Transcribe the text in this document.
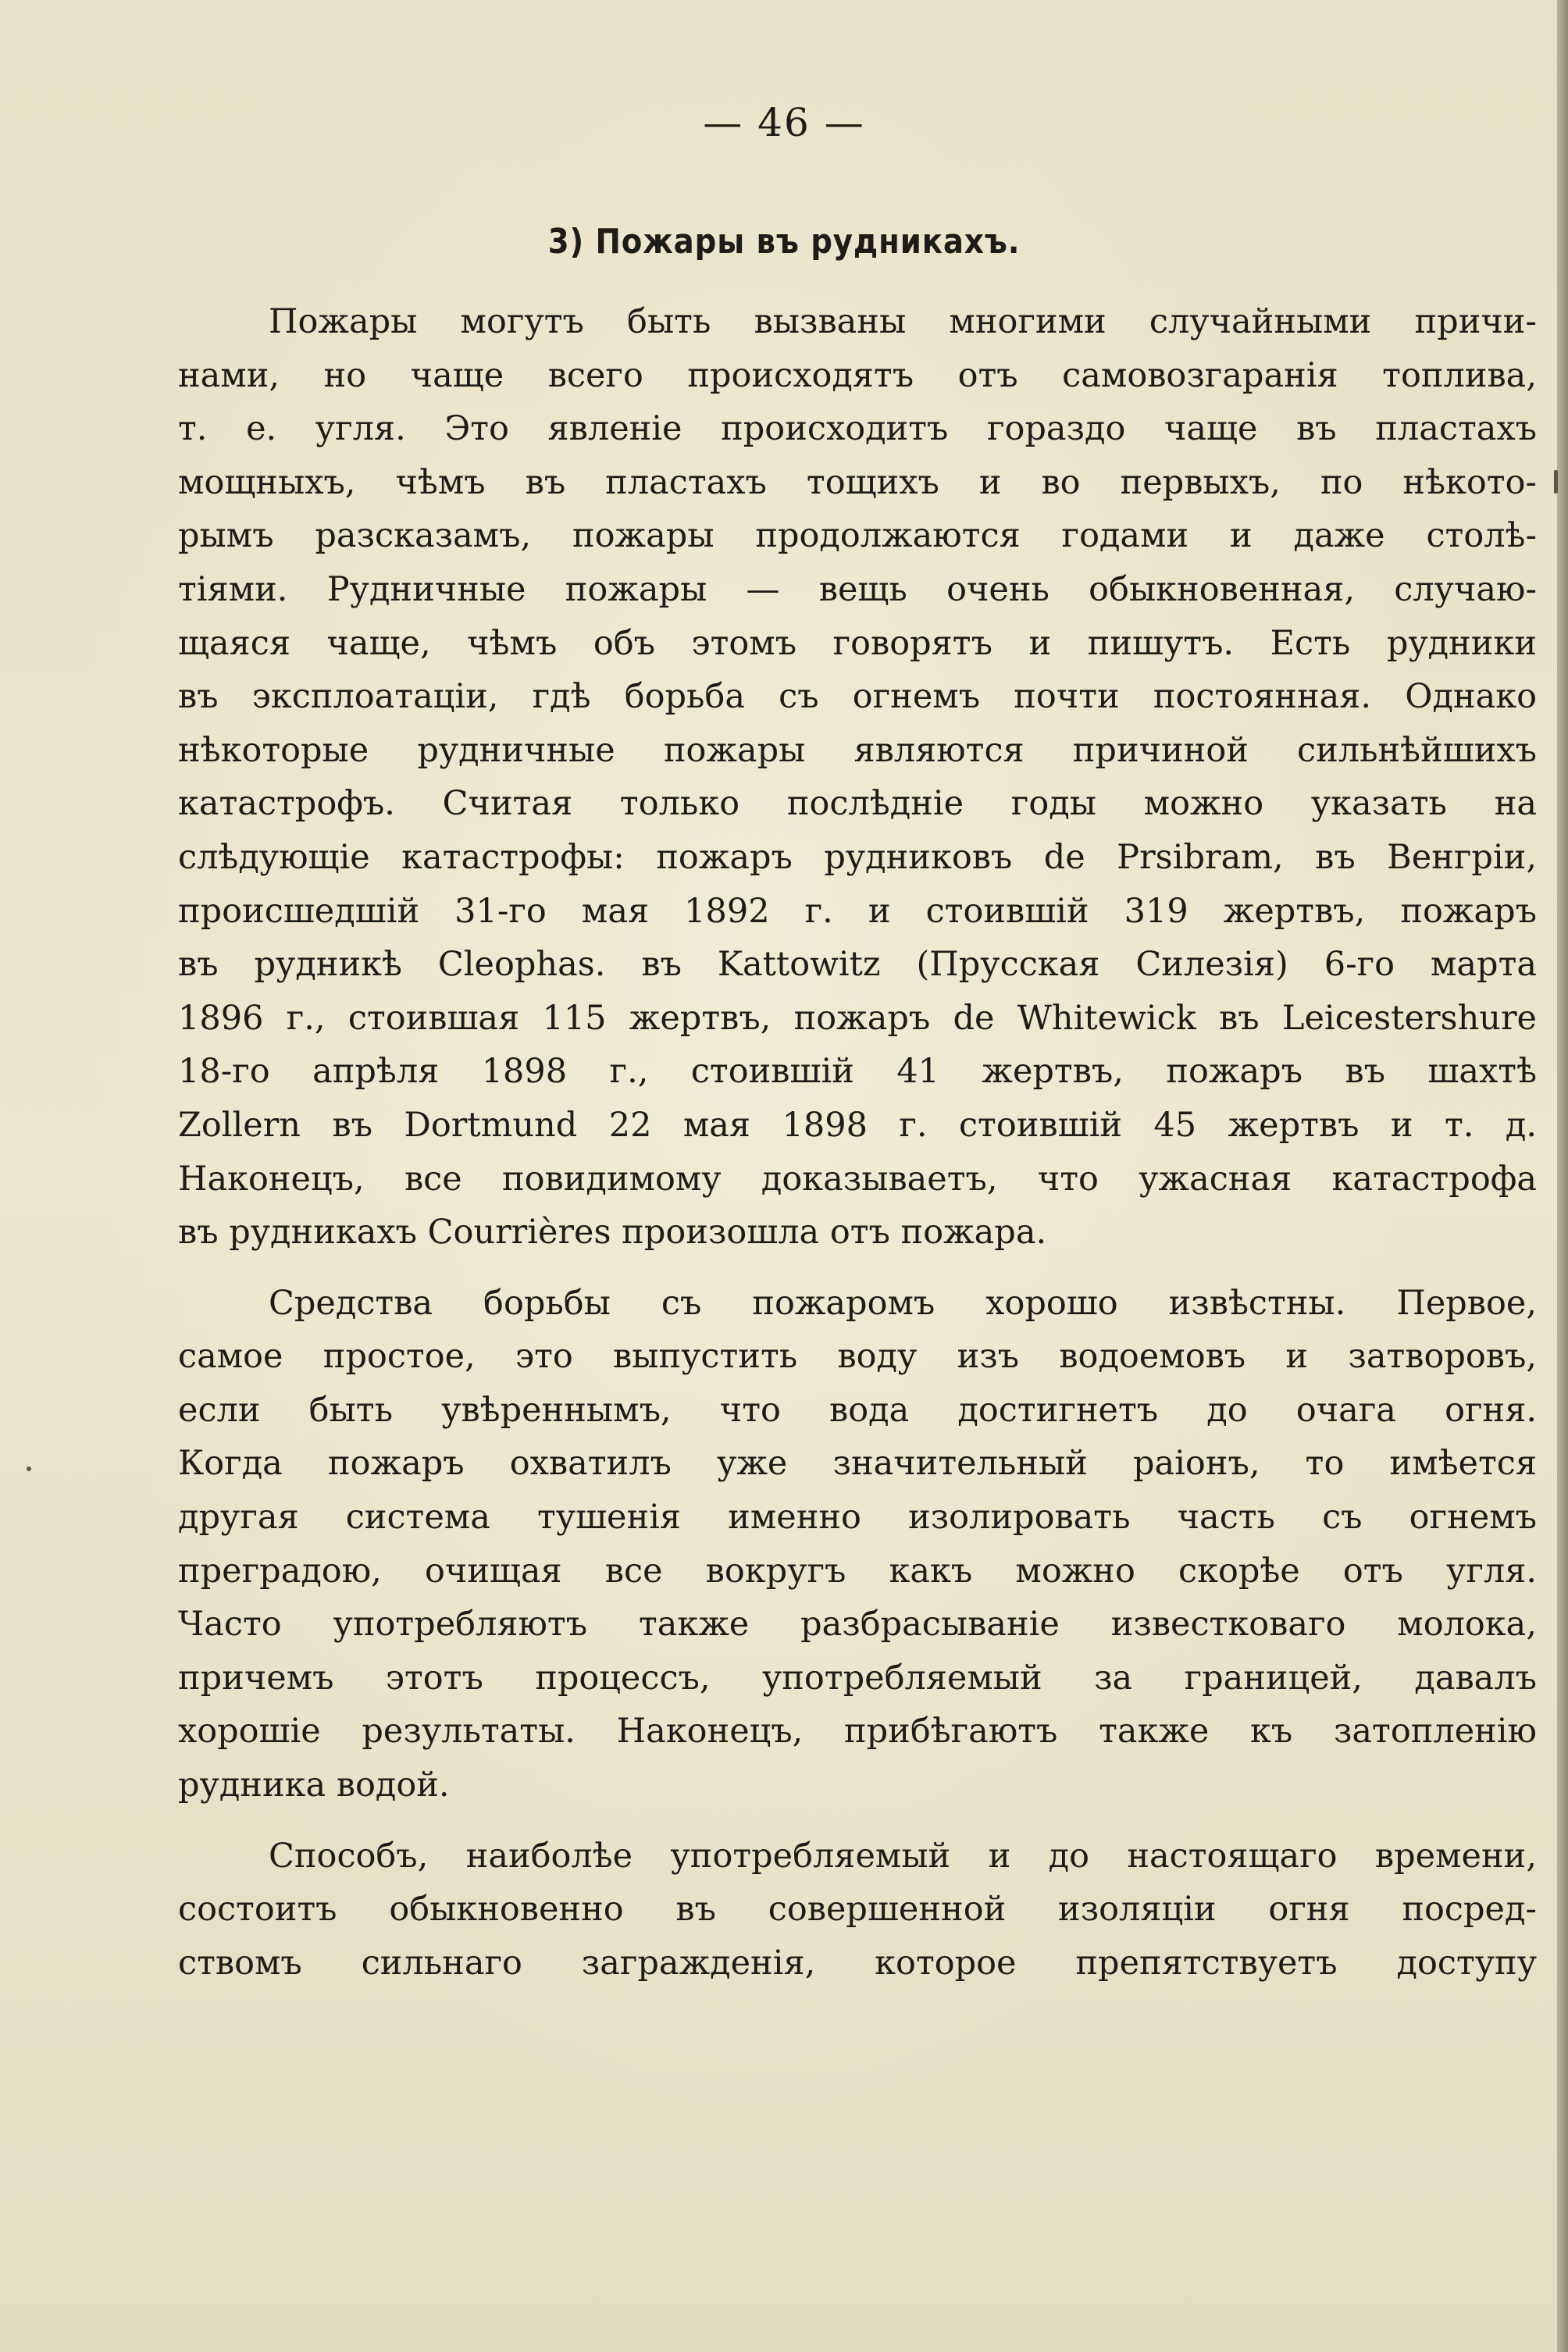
— 46 —
3) Пожары въ рудникахъ.
Пожары могутъ быть вызваны многими случайными причи-
нами, но чаще всего происходятъ отъ самовозгаранія топлива,
т. е. угля. Это явленіе происходитъ гораздо чаще въ пластахъ
мощныхъ, чѣмъ въ пластахъ тощихъ и во первыхъ, по нѣкото-
рымъ разсказамъ, пожары продолжаются годами и даже столѣ-
тіями. Рудничные пожары — вещь очень обыкновенная, случаю-
щаяся чаще, чѣмъ объ этомъ говорятъ и пишутъ. Есть рудники
въ эксплоатаціи, гдѣ борьба съ огнемъ почти постоянная. Однако
нѣкоторые рудничные пожары являются причиной сильнѣйшихъ
катастрофъ. Считая только послѣдніе годы можно указать на
слѣдующіе катастрофы: пожаръ рудниковъ de Prsibram, въ Венгріи,
происшедшій 31-го мая 1892 г. и стоившій 319 жертвъ, пожаръ
въ рудникѣ Cleophas. въ Kattowitz (Прусская Силезія) 6-го марта
1896 г., стоившая 115 жертвъ, пожаръ de Whitewick въ Leicestershure
18-го апрѣля 1898 г., стоившій 41 жертвъ, пожаръ въ шахтѣ
Zollern въ Dortmund 22 мая 1898 г. стоившій 45 жертвъ и т. д.
Наконецъ, все повидимому доказываетъ, что ужасная катастрофа
въ рудникахъ Courrières произошла отъ пожара.
Средства борьбы съ пожаромъ хорошо извѣстны. Первое,
самое простое, это выпустить воду изъ водоемовъ и затворовъ,
если быть увѣреннымъ, что вода достигнетъ до очага огня.
Когда пожаръ охватилъ уже значительный раіонъ, то имѣется
другая система тушенія именно изолировать часть съ огнемъ
преградою, очищая все вокругъ какъ можно скорѣе отъ угля.
Часто употребляютъ также разбрасываніе известковаго молока,
причемъ этотъ процессъ, употребляемый за границей, давалъ
хорошіе результаты. Наконецъ, прибѣгаютъ также къ затопленію
рудника водой.
Способъ, наиболѣе употребляемый и до настоящаго времени,
состоитъ обыкновенно въ совершенной изоляціи огня посред-
ствомъ сильнаго загражденія, которое препятствуетъ доступу
